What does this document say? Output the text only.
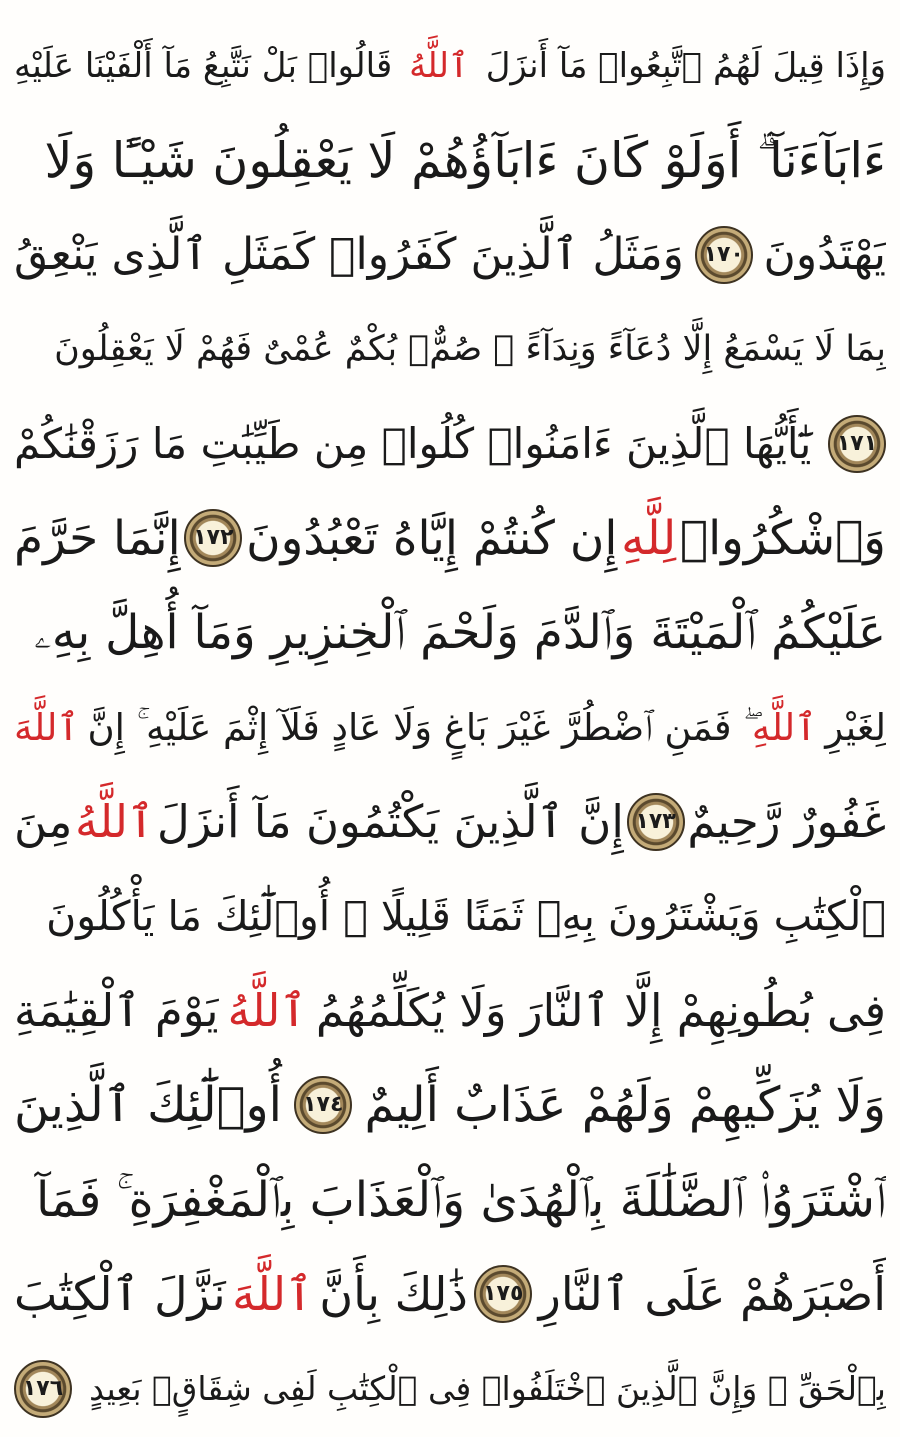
وَإِذَا قِيلَ لَهُمُ ٱتَّبِعُوا۟ مَآ أَنزَلَ
ٱللَّهُ
قَالُوا۟ بَلْ نَتَّبِعُ مَآ أَلْفَيْنَا عَلَيْهِ
ءَابَآءَنَآ ۗ أَوَلَوْ كَانَ ءَابَآؤُهُمْ لَا يَعْقِلُونَ شَيْـًٔا وَلَا
يَهْتَدُونَ
١٧٠
وَمَثَلُ ٱلَّذِينَ كَفَرُوا۟ كَمَثَلِ ٱلَّذِى يَنْعِقُ
بِمَا لَا يَسْمَعُ إِلَّا دُعَآءً وَنِدَآءً ۚ صُمٌّۢ بُكْمٌ عُمْىٌ فَهُمْ لَا يَعْقِلُونَ
١٧١
يَٰٓأَيُّهَا ٱلَّذِينَ ءَامَنُوا۟ كُلُوا۟ مِن طَيِّبَٰتِ مَا رَزَقْنَٰكُمْ
وَٱشْكُرُوا۟
لِلَّهِ
إِن كُنتُمْ إِيَّاهُ تَعْبُدُونَ
١٧٢
إِنَّمَا حَرَّمَ
عَلَيْكُمُ ٱلْمَيْتَةَ وَٱلدَّمَ وَلَحْمَ ٱلْخِنزِيرِ وَمَآ أُهِلَّ بِهِۦ
لِغَيْرِ
ٱللَّهِ
ۖ فَمَنِ ٱضْطُرَّ غَيْرَ بَاغٍ وَلَا عَادٍ فَلَآ إِثْمَ عَلَيْهِ ۚ إِنَّ
ٱللَّهَ
غَفُورٌ رَّحِيمٌ
١٧٣
إِنَّ ٱلَّذِينَ يَكْتُمُونَ مَآ أَنزَلَ
ٱللَّهُ
مِنَ
ٱلْكِتَٰبِ وَيَشْتَرُونَ بِهِۦ ثَمَنًا قَلِيلًا ۙ أُو۟لَٰٓئِكَ مَا يَأْكُلُونَ
فِى بُطُونِهِمْ إِلَّا ٱلنَّارَ وَلَا يُكَلِّمُهُمُ
ٱللَّهُ
يَوْمَ ٱلْقِيَٰمَةِ
وَلَا يُزَكِّيهِمْ وَلَهُمْ عَذَابٌ أَلِيمٌ
١٧٤
أُو۟لَٰٓئِكَ ٱلَّذِينَ
ٱشْتَرَوُا۟ ٱلضَّلَٰلَةَ بِٱلْهُدَىٰ وَٱلْعَذَابَ بِٱلْمَغْفِرَةِ ۚ فَمَآ
أَصْبَرَهُمْ عَلَى ٱلنَّارِ
١٧٥
ذَٰلِكَ بِأَنَّ
ٱللَّهَ
نَزَّلَ ٱلْكِتَٰبَ
بِٱلْحَقِّ ۗ وَإِنَّ ٱلَّذِينَ ٱخْتَلَفُوا۟ فِى ٱلْكِتَٰبِ لَفِى شِقَاقٍۭ بَعِيدٍ
١٧٦
